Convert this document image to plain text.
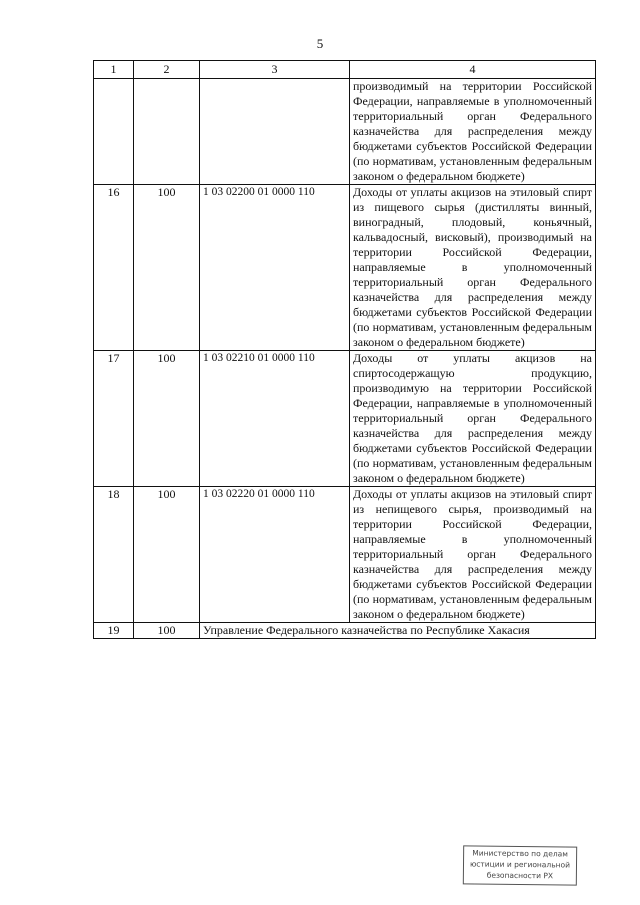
5
1	2	3	4
			производимый на территории Российской Федерации, направляемые в уполномоченный территориальный орган Федерального казначейства для распределения между бюджетами субъектов Российской Федерации (по нормативам, установленным федеральным законом о федеральном бюджете)
16	100	1 03 02200 01 0000 110	Доходы от уплаты акцизов на этиловый спирт из пищевого сырья (дистилляты винный, виноградный, плодовый, коньячный, кальвадосный, висковый), производимый на территории Российской Федерации, направляемые в уполномоченный территориальный орган Федерального казначейства для распределения между бюджетами субъектов Российской Федерации (по нормативам, установленным федеральным законом о федеральном бюджете)
17	100	1 03 02210 01 0000 110	Доходы от уплаты акцизов на спиртосодержащую продукцию, производимую на территории Российской Федерации, направляемые в уполномоченный территориальный орган Федерального казначейства для распределения между бюджетами субъектов Российской Федерации (по нормативам, установленным федеральным законом о федеральном бюджете)
18	100	1 03 02220 01 0000 110	Доходы от уплаты акцизов на этиловый спирт из непищевого сырья, производимый на территории Российской Федерации, направляемые в уполномоченный территориальный орган Федерального казначейства для распределения между бюджетами субъектов Российской Федерации (по нормативам, установленным федеральным законом о федеральном бюджете)
19	100	Управление Федерального казначейства по Республике Хакасия	
Министерство по делам
юстиции и региональной
безопасности РХ
